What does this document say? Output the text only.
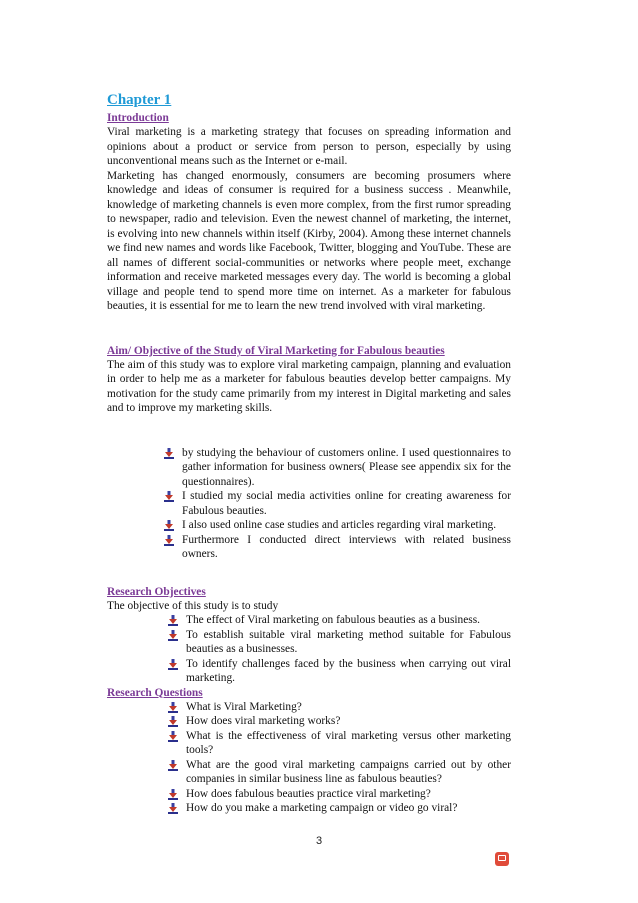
Chapter 1
Introduction

Viral marketing is a marketing strategy that focuses on spreading information and opinions about a product or service from person to person, especially by using unconventional means such as the Internet or e-mail.

Marketing has changed enormously, consumers are becoming prosumers where knowledge and ideas of consumer is required for a business success . Meanwhile, knowledge of marketing channels is even more complex, from the first rumor spreading to newspaper, radio and television. Even the newest channel of marketing, the internet, is evolving into new channels within itself (Kirby, 2004). Among these internet channels we find new names and words like Facebook, Twitter, blogging and YouTube. These are all names of different social-communities or networks where people meet, exchange information and receive marketed messages every day. The world is becoming a global village and people tend to spend more time on internet. As a marketer for fabulous beauties, it is essential for me to learn the new trend involved with viral marketing.

Aim/ Objective of the Study of Viral Marketing for Fabulous beauties

The aim of this study was to explore viral marketing campaign, planning and evaluation in order to help me as a marketer for fabulous beauties develop better campaigns. My motivation for the study came primarily from my interest in Digital marketing and sales and to improve my marketing skills.

by studying the behaviour of customers online. I used questionnaires to gather information for business owners( Please see appendix six for the questionnaires).
I studied my social media activities online for creating awareness for Fabulous beauties.
I also used online case studies and articles regarding viral marketing.
Furthermore I conducted direct interviews with related business owners.
Research Objectives

The objective of this study is to study

The effect of Viral marketing on fabulous beauties as a business.
To establish suitable viral marketing method suitable for Fabulous beauties as a businesses.
To identify challenges faced by the business when carrying out viral marketing.
Research Questions
What is Viral Marketing?
How does viral marketing works?
What is the effectiveness of viral marketing versus other marketing tools?
What are the good viral marketing campaigns carried out by other companies in similar business line as fabulous beauties?
How does fabulous beauties practice viral marketing?
How do you make a marketing campaign or video go viral?
3
